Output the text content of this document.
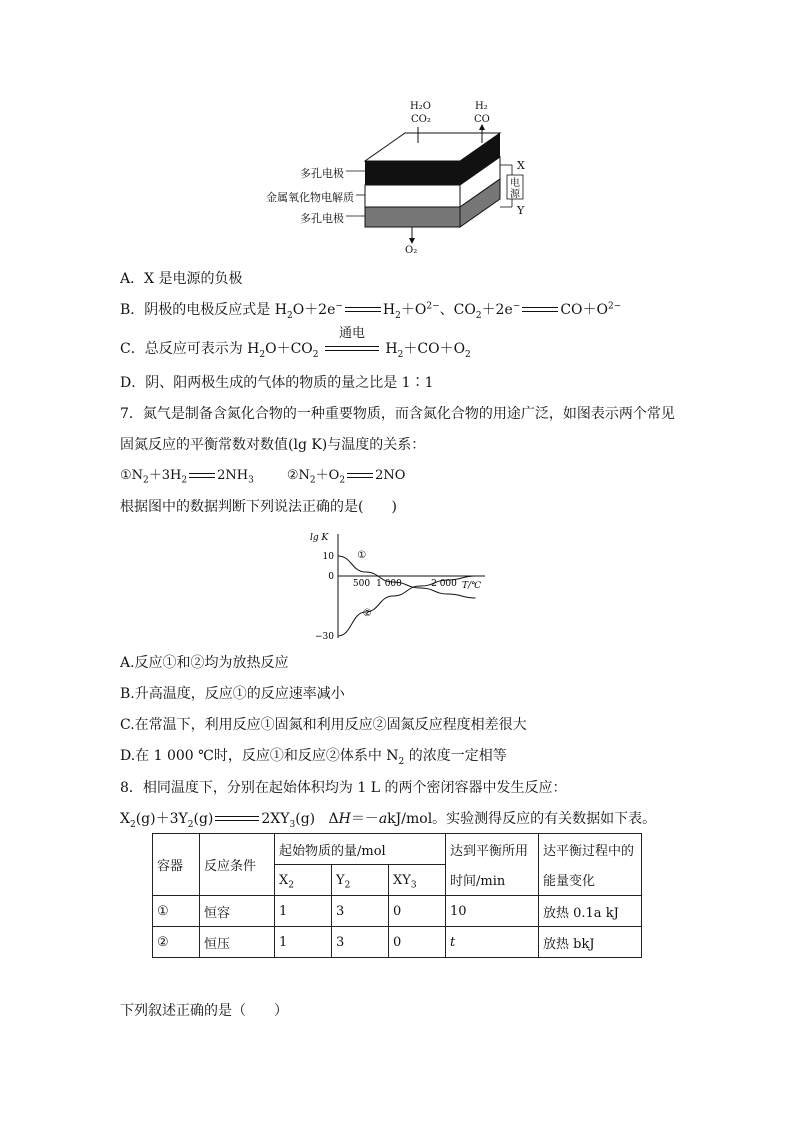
H₂O
CO₂
H₂
CO
多孔电极
金属氧化物电解质
多孔电极
X
Y
电源
O₂
A．X 是电源的负极
B．阴极的电极反应式是 $H_2O+2e^-$	$H_2+O^{2-}$、$CO_2+2e^-$	$CO+O^{2-}$
C．总反应可表示为 $H_2O+CO_2$
通电
$H_2+CO+O_2$
D．阴、阳两极生成的气体的物质的量之比是 1∶1
7．氮气是制备含氮化合物的一种重要物质，而含氮化合物的用途广泛，如图表示两个常见
固氮反应的平衡常数对数值(lg K)与温度的关系：
$①N_2+3H_2$ $2NH_3$        $②N_2+O_2$ 2NO
根据图中的数据判断下列说法正确的是(　　)
lg K
T/℃
10
0
−30
500 1 000	2 000
①
②
A.反应①和②均为放热反应
B.升高温度，反应①的反应速率减小
C.在常温下，利用反应①固氮和利用反应②固氮反应程度相差很大
D.在 1 000 ℃时，反应①和反应②体系中 $N_2$ 的浓度一定相等
8．相同温度下，分别在起始体积均为 1 L 的两个密闭容器中发生反应：
$X_2(g)+3Y_2(g)$	$2XY_3(g)$   ΔH＝－akJ/mol。实验测得反应的有关数据如下表。
容器	反应条件	起始物质的量/mol			达到平衡所用	达平衡过程中的
		$X_2$	$Y_2$	$XY_3$	时间/min	能量变化
①	恒容	1	3	0	10	放热 0.1a kJ
②	恒压	1	3	0	t	放热 bkJ
下列叙述正确的是（　　）
